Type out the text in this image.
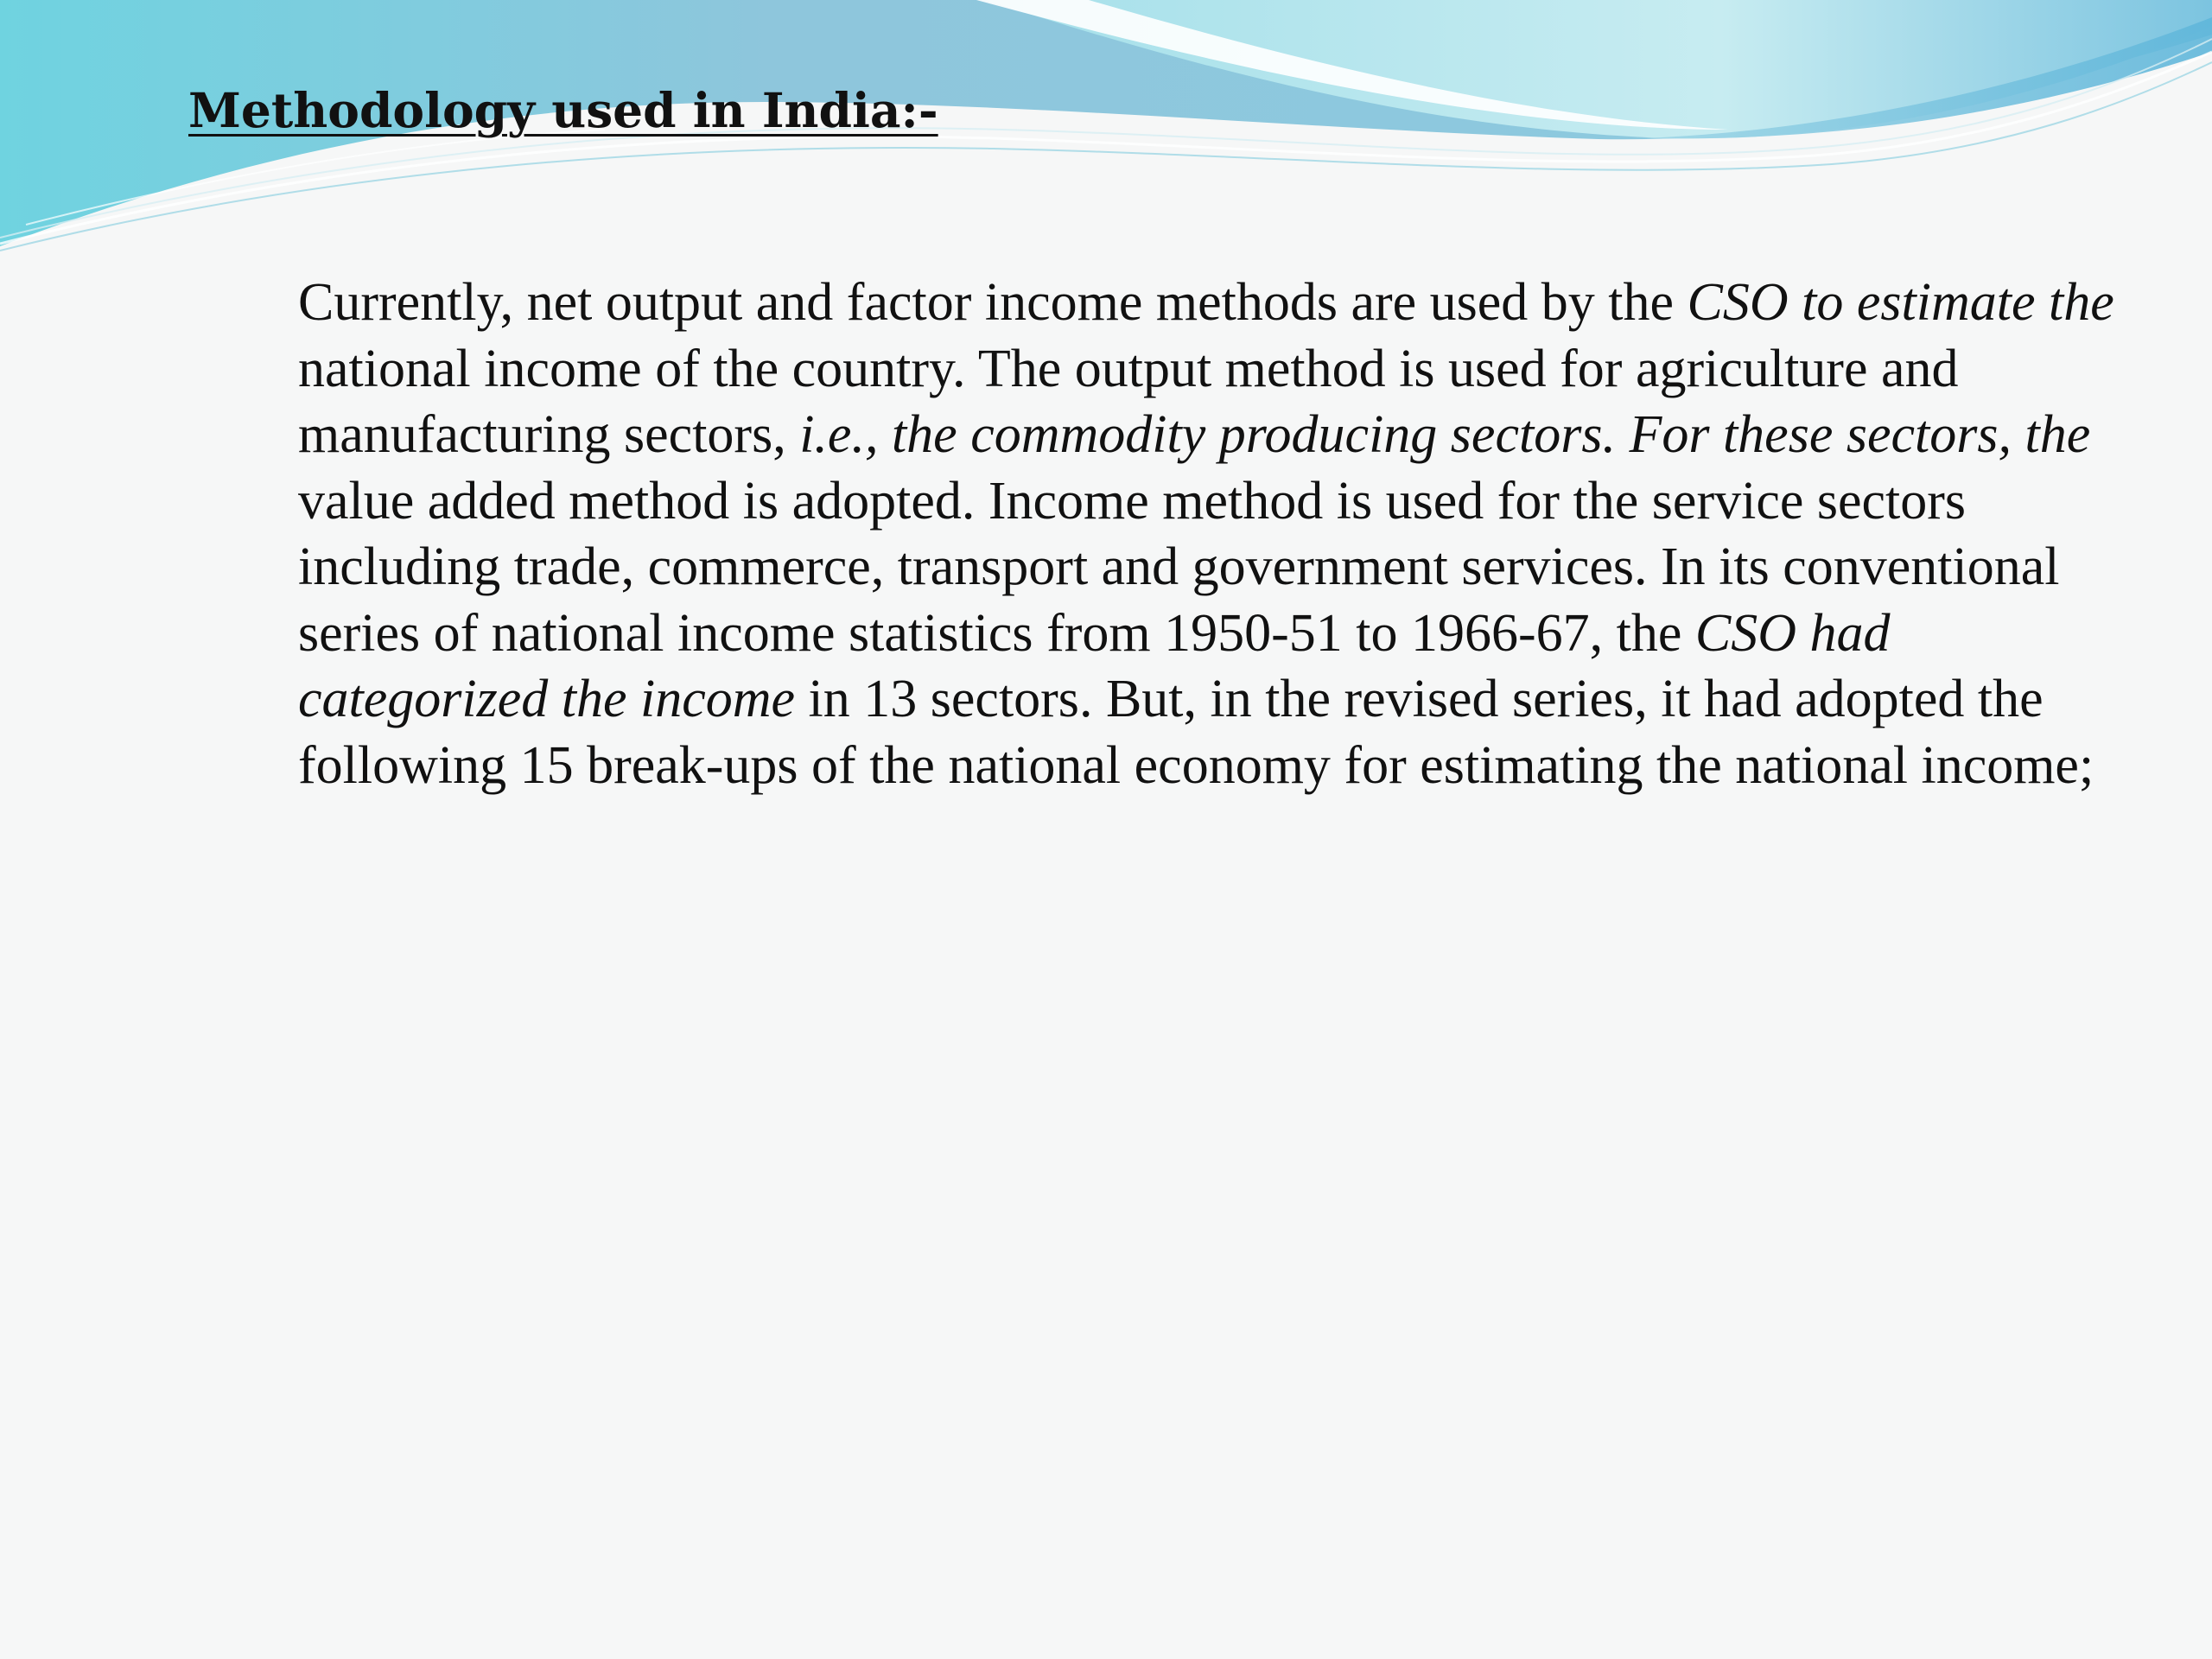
Methodology used in India:-

Currently, net output and factor income methods are used by the CSO to estimate the national income of the country. The output method is used for agriculture and manufacturing sectors, i.e., the commodity producing sectors. For these sectors, the value added method is adopted. Income method is used for the service sectors including trade, commerce, transport and government services. In its conventional series of national income statistics from 1950-51 to 1966-67, the CSO had categorized the income in 13 sectors. But, in the revised series, it had adopted the following 15 break-ups of the national economy for estimating the national income;
